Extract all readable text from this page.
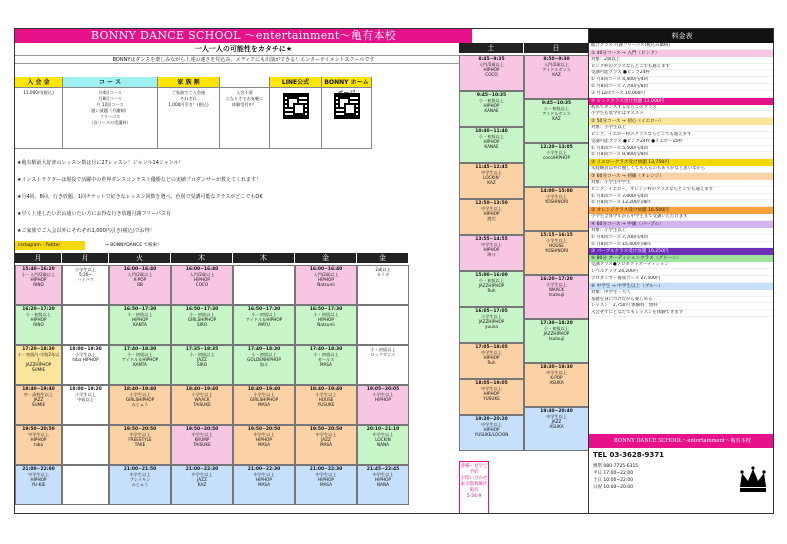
BONNY DANCE SCHOOL ～entertainment～亀有本校
一人一人の可能性をカタチに★
BONNYはダンスを楽しみながら上達の速さを見込み、メディアにも出演ができる！エンターテイメントスクールです
入 会 金
11,000円(税込)
コ ー ス
月4回コース
月8回コース
月 12回コース
通い放題（月謝制）
フリーパス
（各コースの受講料）
家 族 割
ご家族でご入会後
それぞれ
1,000円引き！(税込)
入会不要
となりそでお気軽に
体験受付中！
LINE公式	BONNY ホーム
★亀有駅前大好評のレッスン数は月に27レッスン！ジャンル14ジャンル！
★インストラクターは現役で活躍中の世界ダンスコンテスト優勝などの実績プロダンサーが教えてくれます！
★月4回、8回、行き放題、1回チケットで好きなレッスン回数を選べ、色別で受講可能なクラスがどこでもOK
★早く上達したい沢山通いたい方にお得な行き放題月謝フリーパス有
★ご家族でご入会以外にそれぞれ1,000円引き(税込)でお得！
instagram・Twitter	→ BONNYDANCE で検索！
月
15:40~16:20
小・入門/2歳以上
HIPHOP
RINO
16:20~17:20
小・初級以上
HIPHOP
RINO
17:20~18:30
小・初級/小学校2年以上
JAZZHIPHOP
SUMIE
18:40~19:40
中・高校生以上
JAZZ
SUMIE
19:50~20:50
中学生以上
HIPHOP
hiba
21:00~22:00
中学生以上
HIPHOP
YU-KIE
月
小学生以上
5:20~
ハイバク
18:00~19:30
小学生以上
hiba HIPHOP
18:00~19:20
小学生以上
中級以上
火
16:00~16:40
入門/2歳以上
K-POP
BB
16:50~17:30
小・初級以上
HIPHOP
KANTA
17:40~18:30
小・初級以上
アイドル＆HIPHOP
KANTA
18:40~19:40
小学生以上
GIRLSHIPHOP
みじゅう
19:50~20:50
中学生以上
FREESTYLE
TAKE
21:00~21:50
中学生以上
ブレイキン
みじゅう
木
16:00~16:40
入門/2歳以上
HIPHOP
COCO
16:50~17:30
小・初級以上
GIRLSHIPHOP
SIRO
17:35~18:35
小・初級以上
JAZZ
SIRO
18:40~19:40
小学生以上
WAACK
TAISUKE
19:50~20:50
中学生以上
KRUMP
TAISUKE
21:00~22:30
中学生以上
JAZZ
KAZ
木
16:50~17:30
小・初級以上
アイドル＆HIPHOP
MAYU
17:40~18:30
小・初級以上
GOLDENHIPHOP
海斗
18:40~19:40
小学生以上
GIRLSHIPHOP
MASA
19:50~20:50
中学生以上
HIPHOP
MASA
21:00~22:30
中学生以上
HIPHOP
MASA
金
16:00~16:40
入門/2歳以上
HIPHOP
Natsumi
16:50~17:30
小・初級以上
HIPHOP
Natsumi
17:40~18:30
小・初級以上
ガールズ
MASA
18:40~19:40
小学生以上
HOUSE
YUSUKE
19:50~20:50
中学生以上
JAZZ
MASA
21:00~22:30
中学生以上
HIPHOP
MASA
金
2歳以上
カラダ
小・初級以上
ロックダンス
19:05~20:05
小学生以上
HIPHOP
20:10~21:10
中学生以上
LOCKIN
NANA
21:45~22:45
中学生以上
HIPHOP
NANA
土
8:45~9:35
入門/2歳以上
HIPHOP
COCO
9:45~10:35
小・初級以上
HIPHOP
KANAE
10:40~11:40
小・初級以上
HIPHOP
KANAE
11:45~12:45
中学生以上
LOCKIN'
KAZ
12:50~13:50
中学生以上
HIPHOP
渡辺
13:55~14:55
中学生以上
HIPHOP
海斗
15:00~16:00
小・初級以上
JAZZHIPHOP
Ruh
16:05~17:05
小学生以上
JAZZHIPHOP
yuuna
17:05~18:05
中学生以上
HIPHOP
Ruh
18:05~19:05
中学生以上
HIPHOP
YUSUKE
19:20~20:20
中学生以上
HIPHOP
YUSUKE/LOCKIN
日
8:50~9:30
入門/2歳以上
アイドルダンス
KAZ
9:45~10:35
小・初級以上
アイドルダンス
KAZ
12:20~13:05
小学生以上
coco/HIPHOP
14:00~15:00
小学生以上
YOSHINORI
15:15~16:15
小学生以上
HOUSE
YOSHINORI
16:20~17:20
小学生以上
WAACK
tsutsuji
17:30~18:20
小・初級以上
JAZZHIPHOP
tsutsuji
18:30~19:30
中学生以上
K-POP
ASUKA
19:40~20:40
中学生以上
JAZZ
ASUKA
料金表
総合クラス 月謝フリーパス(税込み価格)
① 40分コース → 入門（ピンク）
対象：2歳以上
ピンク枠のクラスならどこでも通えます
受講可能クラス ●ピンク24枠
① 月4回コース 4,400円/4回
② 月8回コース 7,700円/8回
③ 月12回コース 10,000円
④ ピンククラス受け放題 11,000円
初めてダンスするならこのクラス
小学生も低学年はオススメ
② 50分コース → 初心（イエロー）
対象：小学生以上
ピンク、イエロー枠のクラスならどこでも通えます
受講可能クラス ●ピンク24枠 ●イエロー15枠
① 月4回コース 5,500円/4回
② 月8回コース 9,900円/8回
③ イエロークラス受け放題 13,750円
未経験者以外に優しくても入るのもありかなと思いながら
③ 60分コース → 初級（オレンジ）
対象：小学生中学生
ピンク、イエロー、オレンジ枠のクラスならどこでも通えます
① 月4回コース 7,000円/4回
② 月8回コース 13,200円/8回
③ オレンジクラス受け放題 16,500円
小学生全体学年から中学生まで受講いただけます
④ 60分コース → 中級（パープル）
対象：小学生以上
① 月4回コース 7,700円/4回
② 月8回コース 15,400円/8回
③ パープルクラス受け放題 19,250円
⑤ 80分 オーディションクラス（グリーン）
受講クラス●プロダクトオーディション
レベルアップ 24,200円
プロダンサー養成コース 27,500円
⑥ 中学生 → 中学生以上（ブルー）
対象：中学生・大人
基礎を身につけながら楽しめる
レッスン：2,750円 体験料：無料
入会せずにどなたでもレッスンを体験できます
BONNY DANCE SCHOOL～entertainment～亀有本校
TEL 03-3628-9371
携帯 080-7725-6315
平日 17:00~22:00
土日 10:00~22:00
日祝 10:00~20:00
各種・見学ご予約
お問い合わせ
東京都葛飾区亀有
5-34-9
